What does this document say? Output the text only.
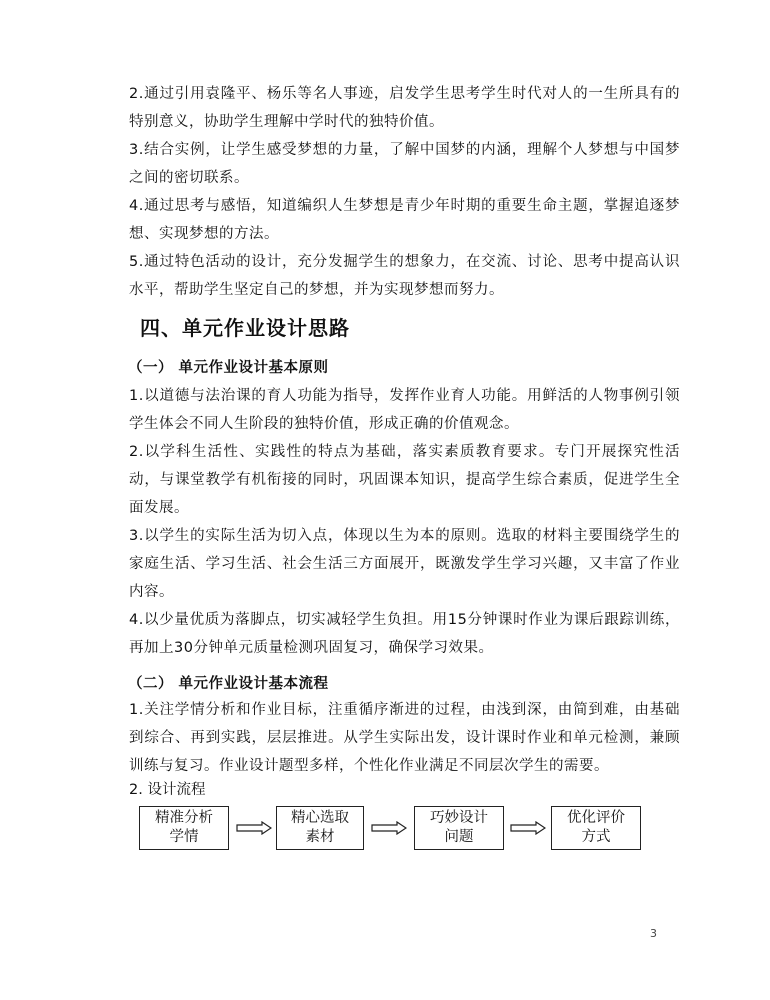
2.通过引用袁隆平、杨乐等名人事迹，启发学生思考学生时代对人的一生所具有的特别意义，协助学生理解中学时代的独特价值。
3.结合实例，让学生感受梦想的力量，了解中国梦的内涵，理解个人梦想与中国梦之间的密切联系。
4.通过思考与感悟，知道编织人生梦想是青少年时期的重要生命主题，掌握追逐梦想、实现梦想的方法。
5.通过特色活动的设计，充分发掘学生的想象力，在交流、讨论、思考中提高认识水平，帮助学生坚定自己的梦想，并为实现梦想而努力。
四、单元作业设计思路
（一） 单元作业设计基本原则
1.以道德与法治课的育人功能为指导，发挥作业育人功能。用鲜活的人物事例引领学生体会不同人生阶段的独特价值，形成正确的价值观念。
2.以学科生活性、实践性的特点为基础，落实素质教育要求。专门开展探究性活动，与课堂教学有机衔接的同时，巩固课本知识，提高学生综合素质，促进学生全面发展。
3.以学生的实际生活为切入点，体现以生为本的原则。选取的材料主要围绕学生的家庭生活、学习生活、社会生活三方面展开，既激发学生学习兴趣，又丰富了作业内容。
4.以少量优质为落脚点，切实减轻学生负担。用15分钟课时作业为课后跟踪训练，再加上30分钟单元质量检测巩固复习，确保学习效果。
（二） 单元作业设计基本流程
1.关注学情分析和作业目标，注重循序渐进的过程，由浅到深，由简到难，由基础到综合、再到实践，层层推进。从学生实际出发，设计课时作业和单元检测，兼顾训练与复习。作业设计题型多样，个性化作业满足不同层次学生的需要。
2. 设计流程
精准分析学情
精心选取素材
巧妙设计问题
优化评价方式
3
